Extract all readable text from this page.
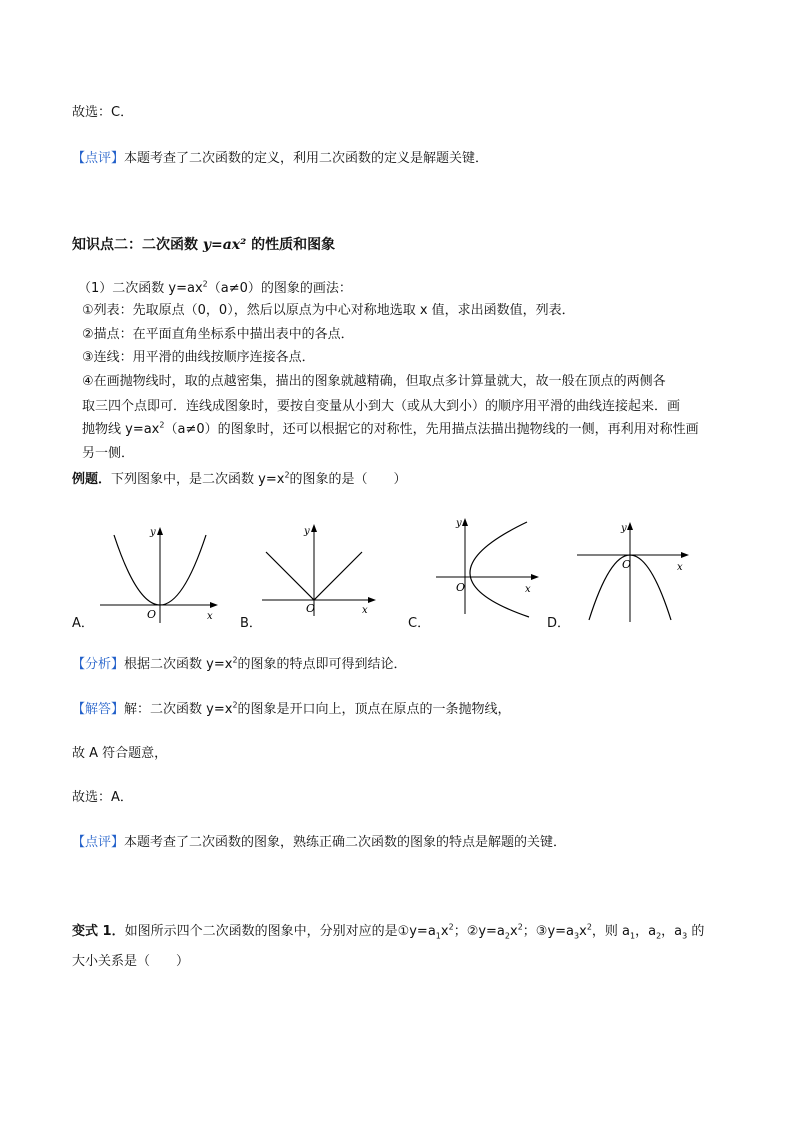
故选：C．
【点评】本题考查了二次函数的定义，利用二次函数的定义是解题关键．
知识点二：二次函数 y=ax² 的性质和图象
（1）二次函数 $y=ax^2(a\ne 0)$的图象的画法：
①列表：先取原点（0，0），然后以原点为中心对称地选取 x 值，求出函数值，列表．
②描点：在平面直角坐标系中描出表中的各点．
③连线：用平滑的曲线按顺序连接各点．
④在画抛物线时，取的点越密集，描出的图象就越精确，但取点多计算量就大，故一般在顶点的两侧各
取三四个点即可．连线成图象时，要按自变量从小到大（或从大到小）的顺序用平滑的曲线连接起来．画
抛物线 $y=ax^2(a\ne 0)$的图象时，还可以根据它的对称性，先用描点法描出抛物线的一侧，再利用对称性画
另一侧．
例题．下列图象中，是二次函数 $y=x^2$的图象的是（　　）
y
x
O
A．
y
x
O
B．
y
x
O
C．
y
x
O
D．
【分析】根据二次函数 $y=x^2$的图象的特点即可得到结论．
【解答】解：二次函数 $y=x^2$的图象是开口向上，顶点在原点的一条抛物线，
故 A 符合题意，
故选：A．
【点评】本题考查了二次函数的图象，熟练正确二次函数的图象的特点是解题的关键．
变式 1．如图所示四个二次函数的图象中，分别对应的是$①y=a_1x^2$；$②y=a_2x^2$；$③y=a_3x^2$，则 $a_1$，$a_2$，$a_3$ 的
大小关系是（　　）
